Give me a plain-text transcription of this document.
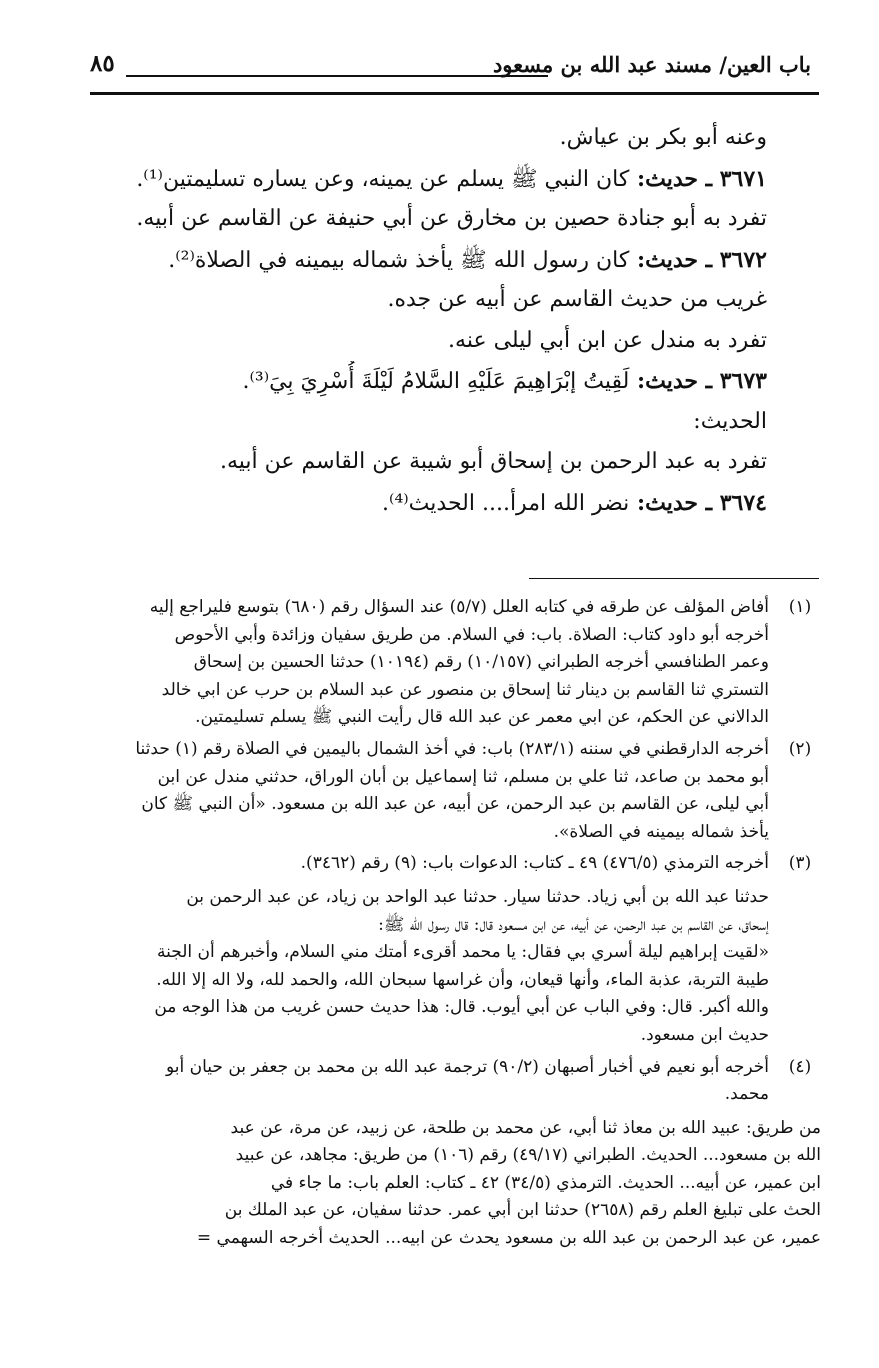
باب العين/ مسند عبد الله بن مسعود
٨٥
وعنه أبو بكر بن عياش.
٣٦٧١ ـ حديث: كان النبي ﷺ يسلم عن يمينه، وعن يساره تسليمتين⁽¹⁾.
تفرد به أبو جنادة حصين بن مخارق عن أبي حنيفة عن القاسم عن أبيه.
٣٦٧٢ ـ حديث: كان رسول الله ﷺ يأخذ شماله بيمينه في الصلاة⁽²⁾.
غريب من حديث القاسم عن أبيه عن جده.
تفرد به مندل عن ابن أبي ليلى عنه.
٣٦٧٣ ـ حديث: لَقِيتُ إبْرَاهِيمَ عَلَيْهِ السَّلامُ لَيْلَةَ أُسْرِيَ بِيَ⁽³⁾.
الحديث:
تفرد به عبد الرحمن بن إسحاق أبو شيبة عن القاسم عن أبيه.
٣٦٧٤ ـ حديث: نضر الله امرأ.... الحديث⁽⁴⁾.
(١)
أفاض المؤلف عن طرقه في كتابه العلل (٥/٧) عند السؤال رقم (٦٨٠) بتوسع فليراجع إليه
أخرجه أبو داود كتاب: الصلاة. باب: في السلام. من طريق سفيان وزائدة وأبي الأحوص
وعمر الطنافسي أخرجه الطبراني (١٠/١٥٧) رقم (١٠١٩٤) حدثنا الحسين بن إسحاق
التستري ثنا القاسم بن دينار ثنا إسحاق بن منصور عن عبد السلام بن حرب عن ابي خالد
الدالاني عن الحكم، عن ابي معمر عن عبد الله قال رأيت النبي ﷺ يسلم تسليمتين.
(٢)
أخرجه الدارقطني في سننه (٢٨٣/١) باب: في أخذ الشمال باليمين في الصلاة رقم (١) حدثنا
أبو محمد بن صاعد، ثنا علي بن مسلم، ثنا إسماعيل بن أبان الوراق، حدثني مندل عن ابن
أبي ليلى، عن القاسم بن عبد الرحمن، عن أبيه، عن عبد الله بن مسعود. «أن النبي ﷺ كان
يأخذ شماله بيمينه في الصلاة».
(٣)
أخرجه الترمذي (٤٧٦/٥) ٤٩ ـ كتاب: الدعوات باب: (٩) رقم (٣٤٦٢).
حدثنا عبد الله بن أبي زياد. حدثنا سيار. حدثنا عبد الواحد بن زياد، عن عبد الرحمن بن
إسحاق، عن القاسم بن عبد الرحمن، عن أبيه، عن ابن مسعود قال: قال رسول الله ﷺ:
«لقيت إبراهيم ليلة أسري بي فقال: يا محمد أقرىء أمتك مني السلام، وأخبرهم أن الجنة
طيبة التربة، عذبة الماء، وأنها قيعان، وأن غراسها سبحان الله، والحمد لله، ولا اله إلا الله.
والله أكبر. قال: وفي الباب عن أبي أيوب. قال: هذا حديث حسن غريب من هذا الوجه من
حديث ابن مسعود.
(٤)
أخرجه أبو نعيم في أخبار أصبهان (٩٠/٢) ترجمة عبد الله بن محمد بن جعفر بن حيان أبو
محمد.
من طريق: عبيد الله بن معاذ ثنا أبي، عن محمد بن طلحة، عن زبيد، عن مرة، عن عبد
الله بن مسعود... الحديث. الطبراني (٤٩/١٧) رقم (١٠٦) من طريق: مجاهد، عن عبيد
ابن عمير، عن أبيه... الحديث. الترمذي (٣٤/٥) ٤٢ ـ كتاب: العلم باب: ما جاء في
الحث على تبليغ العلم رقم (٢٦٥٨) حدثنا ابن أبي عمر. حدثنا سفيان، عن عبد الملك بن
عمير، عن عبد الرحمن بن عبد الله بن مسعود يحدث عن ابيه... الحديث أخرجه السهمي =
